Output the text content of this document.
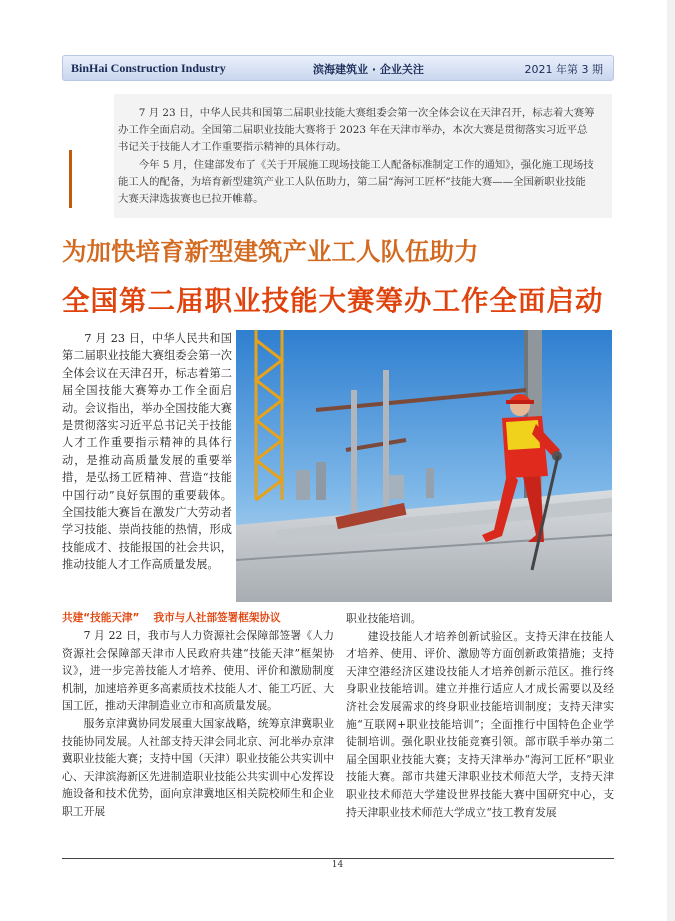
BinHai Construction Industry	滨海建筑业 · 企业关注	2021 年第 3 期

7 月 23 日，中华人民共和国第二届职业技能大赛组委会第一次全体会议在天津召开，标志着大赛筹办工作全面启动。全国第二届职业技能大赛将于 2023 年在天津市举办，本次大赛是贯彻落实习近平总书记关于技能人才工作重要指示精神的具体行动。

今年 5 月，住建部发布了《关于开展施工现场技能工人配备标准制定工作的通知》，强化施工现场技能工人的配备，为培育新型建筑产业工人队伍助力，第二届“海河工匠杯”技能大赛——全国新职业技能大赛天津选拔赛也已拉开帷幕。

为加快培育新型建筑产业工人队伍助力
全国第二届职业技能大赛筹办工作全面启动

7 月 23 日，中华人民共和国第二届职业技能大赛组委会第一次全体会议在天津召开，标志着第二届全国技能大赛筹办工作全面启动。会议指出，举办全国技能大赛是贯彻落实习近平总书记关于技能人才工作重要指示精神的具体行动，是推动高质量发展的重要举措，是弘扬工匠精神、营造“技能中国行动”良好氛围的重要载体。全国技能大赛旨在激发广大劳动者学习技能、崇尚技能的热情，形成技能成才、技能报国的社会共识，推动技能人才工作高质量发展。

共建“技能天津” 我市与人社部签署框架协议

7 月 22 日，我市与人力资源社会保障部签署《人力资源社会保障部天津市人民政府共建“技能天津”框架协议》，进一步完善技能人才培养、使用、评价和激励制度机制，加速培养更多高素质技术技能人才、能工巧匠、大国工匠，推动天津制造业立市和高质量发展。

服务京津冀协同发展重大国家战略，统筹京津冀职业技能协同发展。人社部支持天津会同北京、河北举办京津冀职业技能大赛；支持中国（天津）职业技能公共实训中心、天津滨海新区先进制造职业技能公共实训中心发挥设施设备和技术优势，面向京津冀地区相关院校师生和企业职工开展

职业技能培训。

建设技能人才培养创新试验区。支持天津在技能人才培养、使用、评价、激励等方面创新政策措施；支持天津空港经济区建设技能人才培养创新示范区。推行终身职业技能培训。建立并推行适应人才成长需要以及经济社会发展需求的终身职业技能培训制度；支持天津实施“互联网+职业技能培训”；全面推行中国特色企业学徒制培训。强化职业技能竞赛引领。部市联手举办第二届全国职业技能大赛；支持天津举办“海河工匠杯”职业技能大赛。部市共建天津职业技术师范大学，支持天津职业技术师范大学建设世界技能大赛中国研究中心，支持天津职业技术师范大学成立“技工教育发展

14
